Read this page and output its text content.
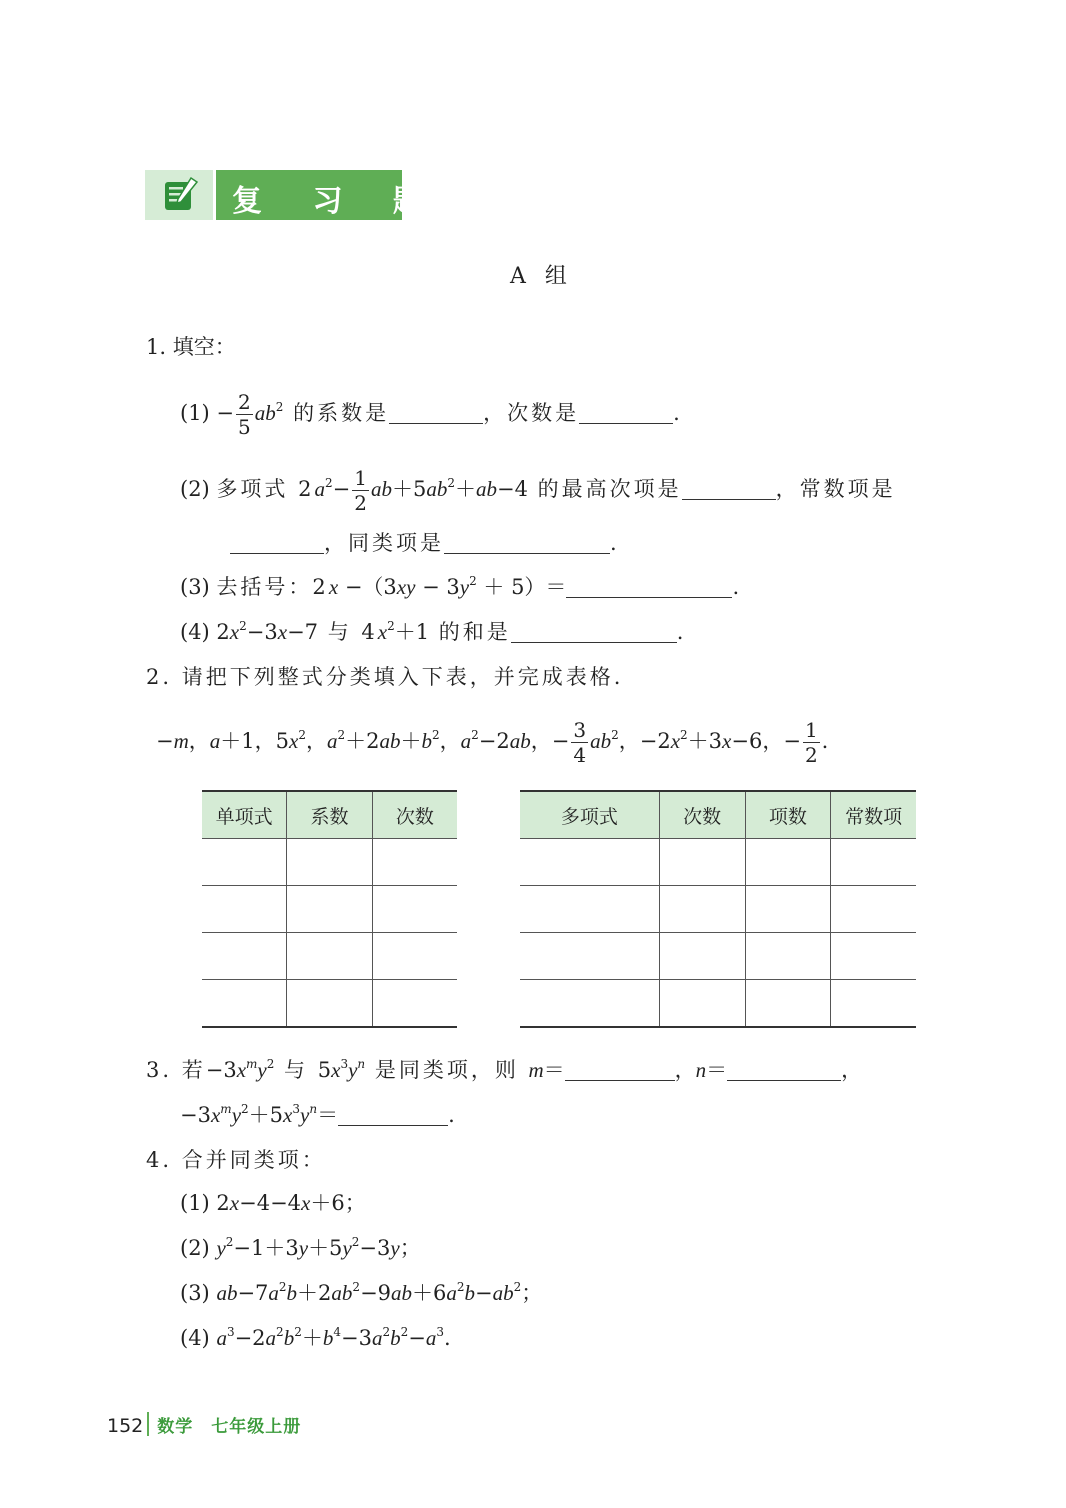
复 习 题
A 组
1. 填空：
$(1) - \frac{2}{5} ab^2$ 的系数是	，次数是	.
(2) 多项式 $2a^2- \frac{1}{2} ab+5ab^2+ab-4$ 的最高次项是	，常数项是
，同类项是	.
(3) 去括号：$2x -(3xy - 3y^2 + 5)=$	.
(4) $2x^2-3x-7$ 与 $4x^2+1$ 的和是	.
2. 请把下列整式分类填入下表，并完成表格.
−m，a＋1，$5x^2$，$a^2+2ab+b^2$，$a^2-2ab$，− $\frac{3}{4} ab^2$，$-2x^2+3x-6$，− $\frac{1}{2}$ .
单项式	系数	次数

			多项式	次数	项数	常数项

3. 若$-3x^my^2$ 与 $5x^3y^n$ 是同类项，则 m＝	，n＝	，
$-3x^my^2+5x^3y^n=$	.
4. 合并同类项：
(1) 2x−4−4x＋6；
(2) $y^2-1+3y+5y^2-3y$；
(3) $ab-7a^2b+2ab^2-9ab+6a^2b-ab^2$；
(4) $a^3-2a^2b^2+b^4-3a^2b^2-a^3$.
152 数学　七年级上册
